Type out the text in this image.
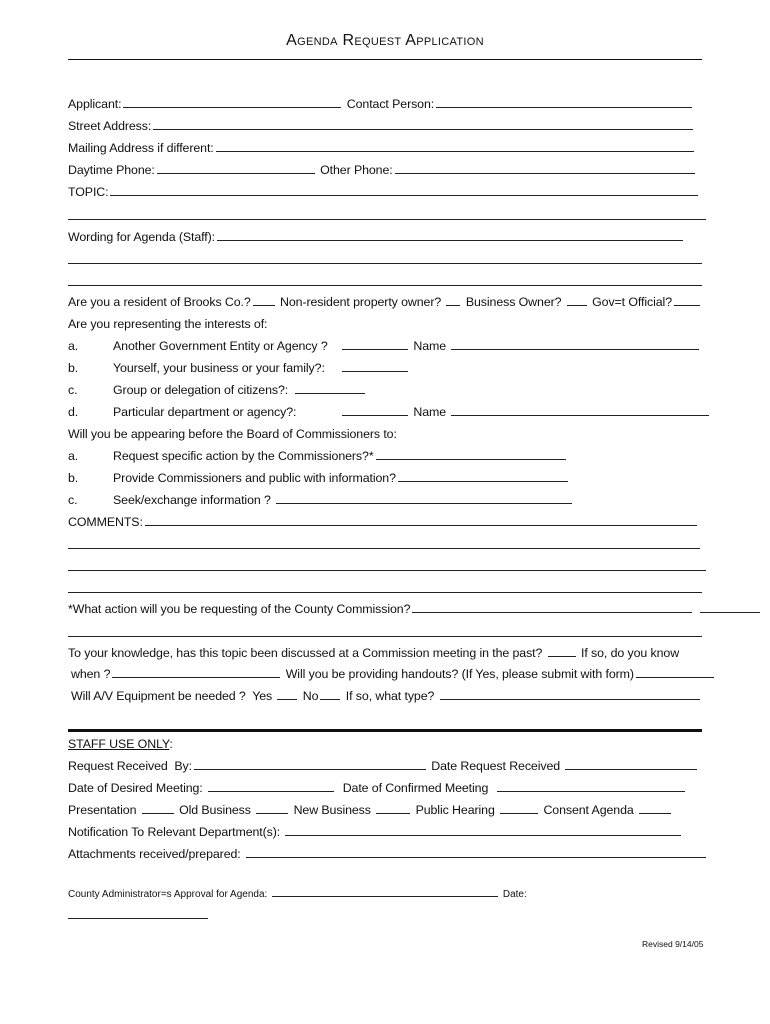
Agenda Request Application
Applicant:	Contact Person:
Street Address:
Mailing Address if different:
Daytime Phone:	Other Phone:
TOPIC:
Wording for Agenda (Staff):
Are you a resident of Brooks Co.? Non-resident property owner? Business Owner? Gov=t Official?
Are you representing the interests of:
a.	Another Government Entity or Agency ?	Name
b.	Yourself, your business or your family?:
c.	Group or delegation of citizens?:
d.	Particular department or agency?:	Name
Will you be appearing before the Board of Commissioners to:
a.	Request specific action by the Commissioners?*
b.	Provide Commissioners and public with information?
c.	Seek/exchange information ?
COMMENTS:
*What action will you be requesting of the County Commission?
To your knowledge, has this topic been discussed at a Commission meeting in the past?	If so, do you know
when ?	Will you be providing handouts? (If Yes, please submit with form)
Will A/V Equipment be needed ? Yes No If so, what type?
STAFF USE ONLY:
Request Received  By:	Date Request Received
Date of Desired Meeting:	Date of Confirmed Meeting
Presentation	Old Business	New Business	Public Hearing	Consent Agenda
Notification To Relevant Department(s):
Attachments received/prepared:
County Administrator=s Approval for Agenda:	Date:
Revised 9/14/05
